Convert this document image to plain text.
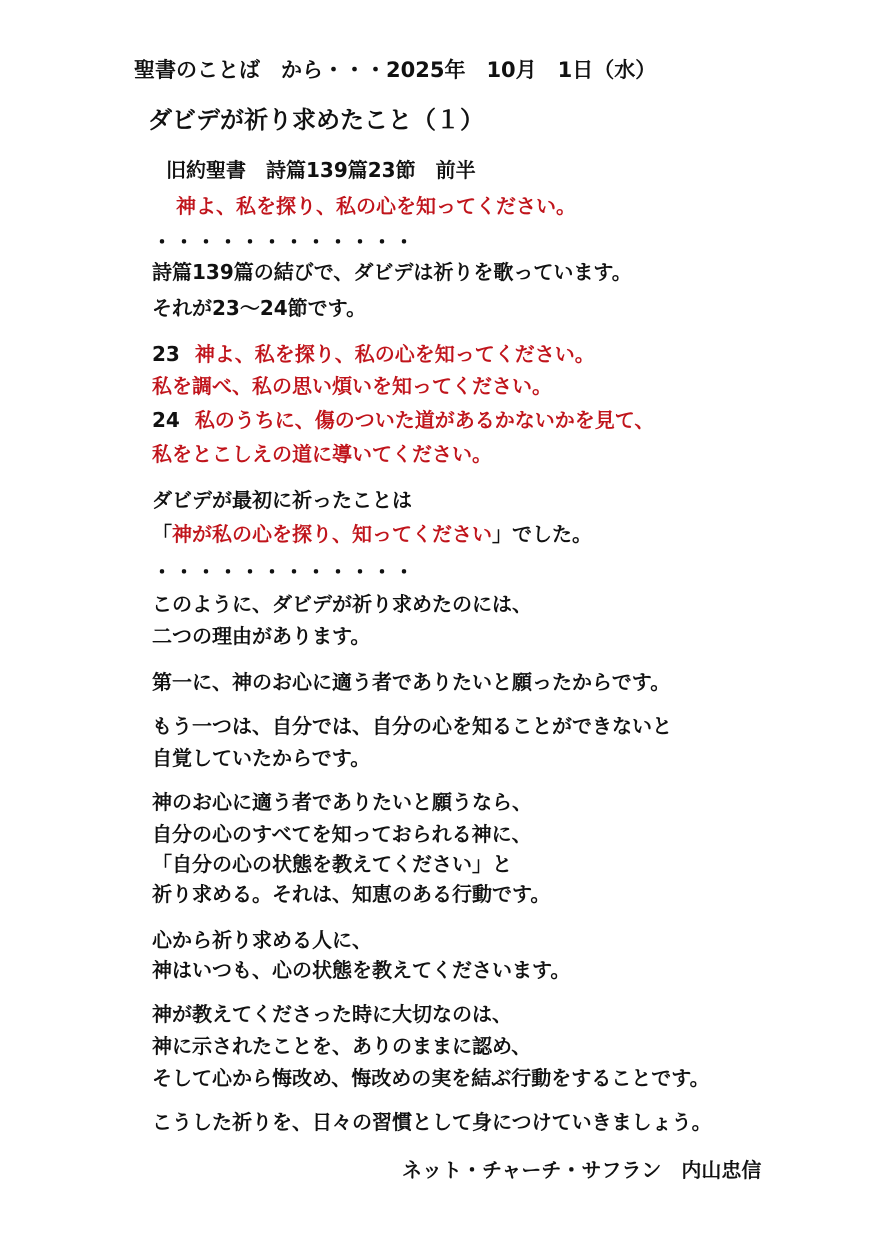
聖書のことば　から・・・2025年　10月　1日（水）
ダビデが祈り求めたこと（１）
旧約聖書　詩篇139篇23節　前半
神よ、私を探り、私の心を知ってください。
・・・・・・・・・・・・
詩篇139篇の結びで、ダビデは祈りを歌っています。
それが23～24節です。
23 神よ、私を探り、私の心を知ってください。
私を調べ、私の思い煩いを知ってください。
24 私のうちに、傷のついた道があるかないかを見て、
私をとこしえの道に導いてください。
ダビデが最初に祈ったことは
「神が私の心を探り、知ってください」でした。
・・・・・・・・・・・・
このように、ダビデが祈り求めたのには、
二つの理由があります。
第一に、神のお心に適う者でありたいと願ったからです。
もう一つは、自分では、自分の心を知ることができないと
自覚していたからです。
神のお心に適う者でありたいと願うなら、
自分の心のすべてを知っておられる神に、
「自分の心の状態を教えてください」と
祈り求める。それは、知恵のある行動です。
心から祈り求める人に、
神はいつも、心の状態を教えてくださいます。
神が教えてくださった時に大切なのは、
神に示されたことを、ありのままに認め、
そして心から悔改め、悔改めの実を結ぶ行動をすることです。
こうした祈りを、日々の習慣として身につけていきましょう。
ネット・チャーチ・サフラン　内山忠信
